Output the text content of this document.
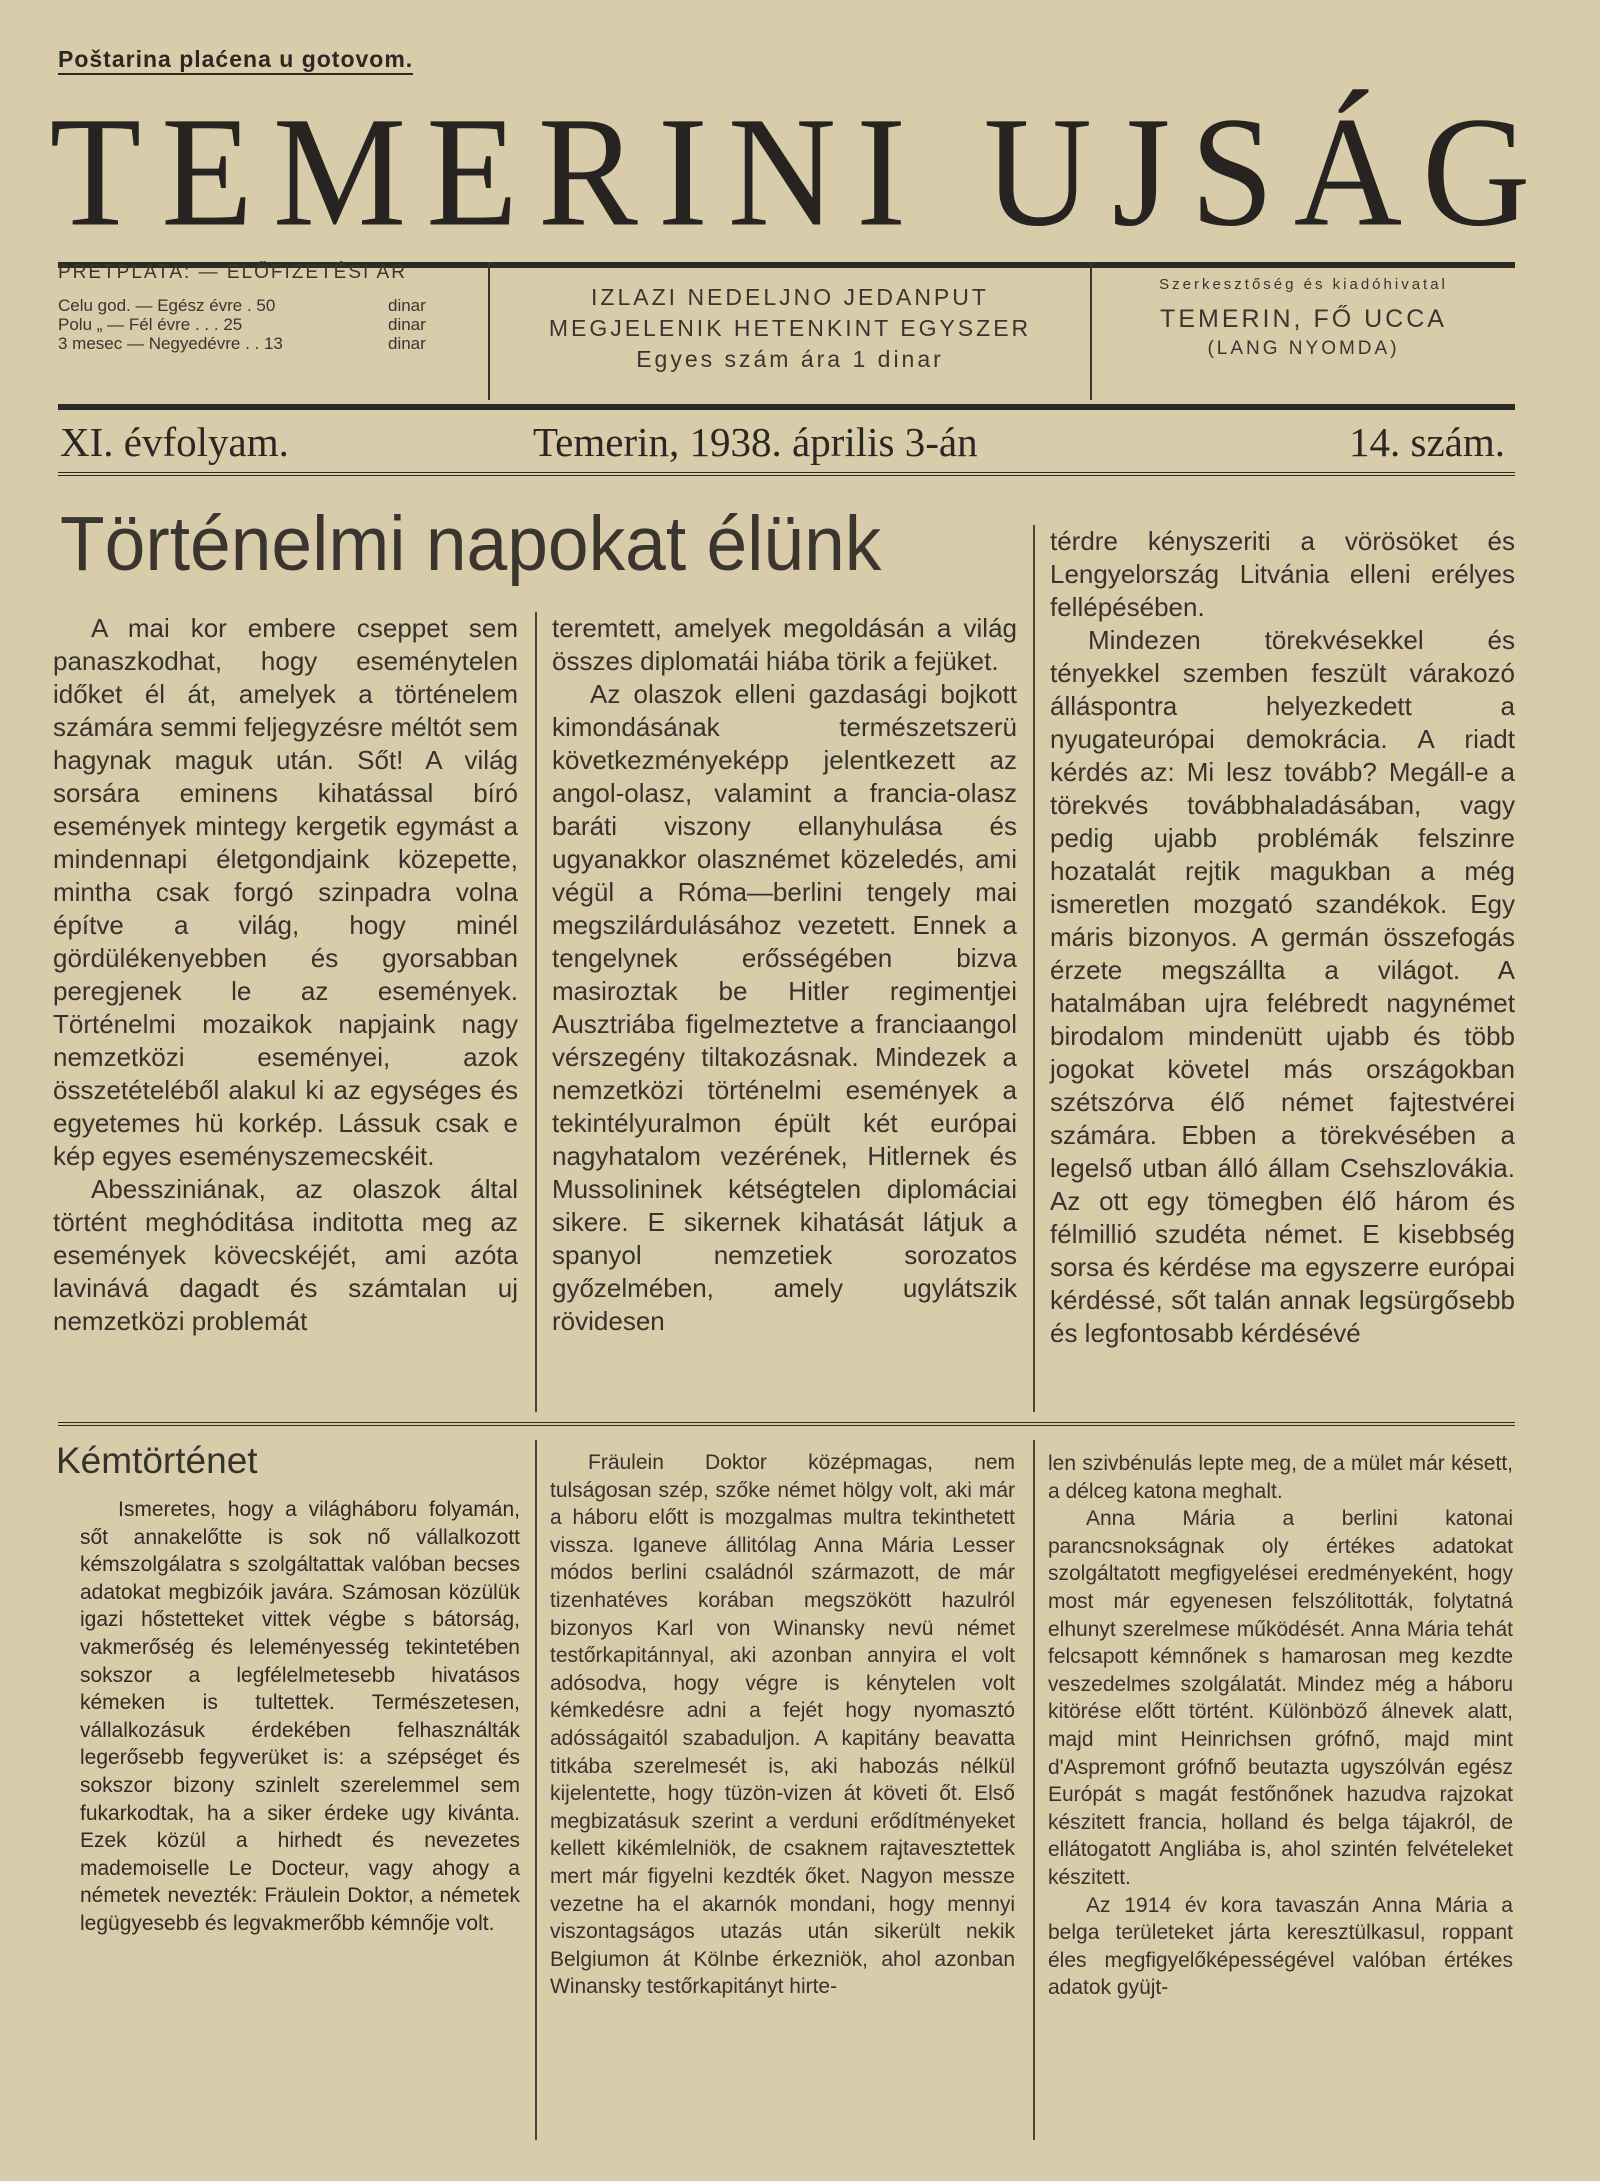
Poštarina plaćena u gotovom.
TEMERINI UJSÁG
PRETPLATA: — ELŐFIZETÉSI AR
Celu god. — Egész évre . 50	dinar
Polu „ — Fél évre . . . 25	dinar
3 mesec — Negyedévre . . 13	dinar
IZLAZI NEDELJNO JEDANPUT
MEGJELENIK HETENKINT EGYSZER
Egyes szám ára 1 dinar
Szerkesztőség és kiadóhivatal
TEMERIN, FŐ UCCA
(LANG NYOMDA)
XI. évfolyam.	Temerin, 1938. április 3-án	14. szám.
Történelmi napokat élünk

A mai kor embere cseppet sem panaszkodhat, hogy eseménytelen időket él át, amelyek a történelem számára semmi feljegyzésre méltót sem hagynak maguk után. Sőt! A világ sorsára eminens kihatással bíró események mintegy kergetik egymást a mindennapi életgondjaink közepette, mintha csak forgó szinpadra volna építve a világ, hogy minél gördülékenyebben és gyorsabban peregjenek le az események. Történelmi mozaikok napjaink nagy nemzetközi eseményei, azok összetételéből alakul ki az egységes és egyetemes hü korkép. Lássuk csak e kép egyes eseményszemecskéit.

Abessziniának, az olaszok által történt meghóditása inditotta meg az események kövecskéjét, ami azóta lavinává dagadt és számtalan uj nemzetközi problemát

teremtett, amelyek megoldásán a világ összes diplomatái hiába törik a fejüket.

Az olaszok elleni gazdasági bojkott kimondásának természetszerü következményeképp jelentkezett az angol-olasz, valamint a francia-olasz baráti viszony ellanyhulása és ugyanakkor olasznémet közeledés, ami végül a Róma—berlini tengely mai megszilárdulásához vezetett. Ennek a tengelynek erősségében bizva masiroztak be Hitler regimentjei Ausztriába figelmeztetve a franciaangol vérszegény tiltakozásnak. Mindezek a nemzetközi történelmi események a tekintélyuralmon épült két európai nagyhatalom vezérének, Hitlernek és Mussolininek kétségtelen diplomáciai sikere. E sikernek kihatását látjuk a spanyol nemzetiek sorozatos győzelmében, amely ugylátszik rövidesen

térdre kényszeriti a vörösöket és Lengyelország Litvánia elleni erélyes fellépésében.

Mindezen törekvésekkel és tényekkel szemben feszült várakozó álláspontra helyezkedett a nyugateurópai demokrácia. A riadt kérdés az: Mi lesz tovább? Megáll-e a törekvés továbbhaladásában, vagy pedig ujabb problémák felszinre hozatalát rejtik magukban a még ismeretlen mozgató szandékok. Egy máris bizonyos. A germán összefogás érzete megszállta a világot. A hatalmában ujra felébredt nagynémet birodalom mindenütt ujabb és több jogokat követel más országokban szétszórva élő német fajtestvérei számára. Ebben a törekvésében a legelső utban álló állam Csehszlovákia. Az ott egy tömegben élő három és félmillió szudéta német. E kisebbség sorsa és kérdése ma egyszerre európai kérdéssé, sőt talán annak legsürgősebb és legfontosabb kérdésévé

Kémtörténet

Ismeretes, hogy a világháboru folyamán, sőt annakelőtte is sok nő vállalkozott kémszolgálatra s szolgáltattak valóban becses adatokat megbizóik javára. Számosan közülük igazi hőstetteket vittek végbe s bátorság, vakmerőség és leleményesség tekintetében sokszor a legfélelmetesebb hivatásos kémeken is tultettek. Természetesen, vállalkozásuk érdekében felhasználták legerősebb fegyverüket is: a szépséget és sokszor bizony szinlelt szerelemmel sem fukarkodtak, ha a siker érdeke ugy kivánta. Ezek közül a hirhedt és nevezetes mademoiselle Le Docteur, vagy ahogy a németek nevezték: Fräulein Doktor, a németek legügyesebb és legvakmerőbb kémnője volt.

Fräulein Doktor középmagas, nem tulságosan szép, szőke német hölgy volt, aki már a háboru előtt is mozgalmas multra tekinthetett vissza. Iganeve állitólag Anna Mária Lesser módos berlini családnól származott, de már tizenhatéves korában megszökött hazulról bizonyos Karl von Winansky nevü német testőrkapitánnyal, aki azonban annyira el volt adósodva, hogy végre is kénytelen volt kémkedésre adni a fejét hogy nyomasztó adósságaitól szabaduljon. A kapitány beavatta titkába szerelmesét is, aki habozás nélkül kijelentette, hogy tüzön-vizen át követi őt. Első megbizatásuk szerint a verduni erődítményeket kellett kikémlelniök, de csaknem rajtavesztettek mert már figyelni kezdték őket. Nagyon messze vezetne ha el akarnók mondani, hogy mennyi viszontagságos utazás után sikerült nekik Belgiumon át Kölnbe érkezniök, ahol azonban Winansky testőrkapitányt hirte-

len szivbénulás lepte meg, de a mület már késett, a délceg katona meghalt.

Anna Mária a berlini katonai parancsnokságnak oly értékes adatokat szolgáltatott megfigyelései eredményeként, hogy most már egyenesen felszólitották, folytatná elhunyt szerelmese működését. Anna Mária tehát felcsapott kémnőnek s hamarosan meg kezdte veszedelmes szolgálatát. Mindez még a háboru kitörése előtt történt. Különböző álnevek alatt, majd mint Heinrichsen grófnő, majd mint d'Aspremont grófnő beutazta ugyszólván egész Európát s magát festőnőnek hazudva rajzokat készitett francia, holland és belga tájakról, de ellátogatott Angliába is, ahol szintén felvételeket készitett.

Az 1914 év kora tavaszán Anna Mária a belga területeket járta keresztülkasul, roppant éles megfigyelőképességével valóban értékes adatok gyüjt-
